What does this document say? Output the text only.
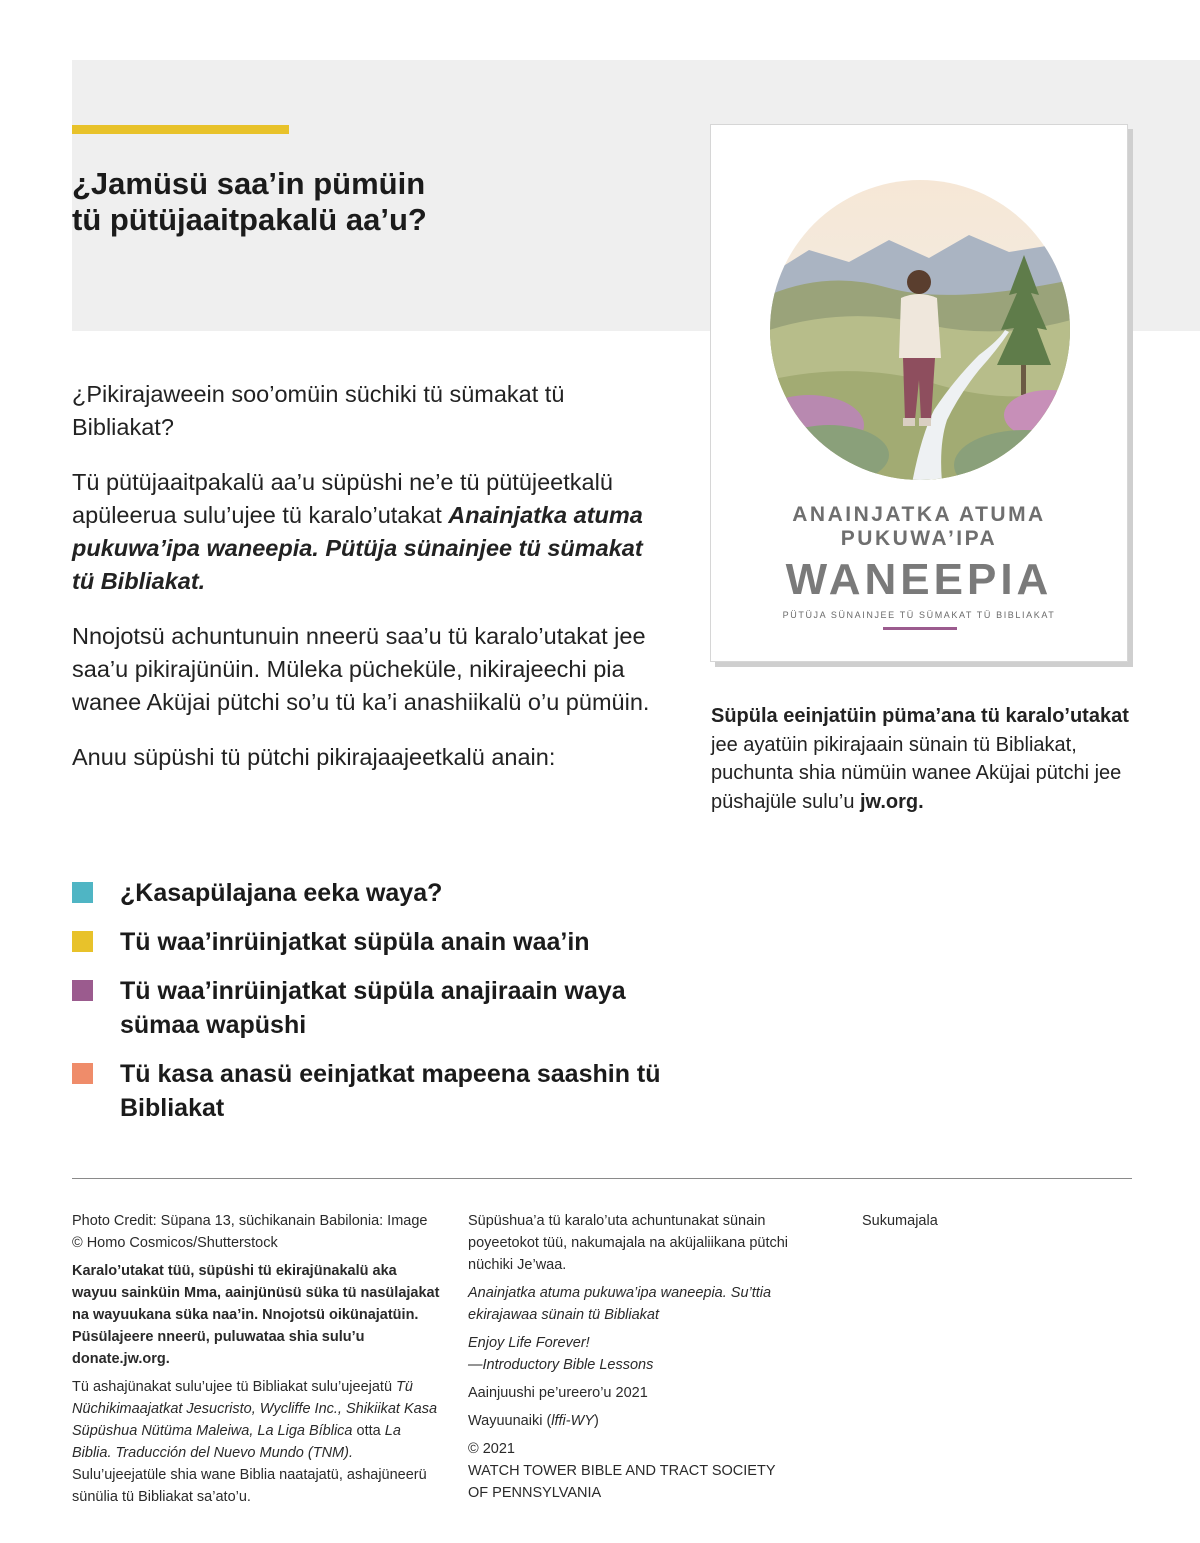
¿Jamüsü saa’in pümüin
tü pütüjaaitpakalü aa’u?

¿Pikirajaweein soo’omüin süchiki tü sümakat tü Bibliakat?

Tü pütüjaaitpakalü aa’u süpüshi ne’e tü pütüjeetkalü apüleerua sulu’ujee tü karalo’utakat Anainjatka atuma pukuwa’ipa waneepia. Pütüja sünainjee tü sümakat tü Bibliakat.

Nnojotsü achuntunuin nneerü saa’u tü karalo’utakat jee saa’u pikirajünüin. Müleka pücheküle, nikirajeechi pia wanee Aküjai pütchi so’u tü ka’i anashiikalü o’u pümüin.

Anuu süpüshi tü pütchi pikirajaajeetkalü anain:

¿Kasapülajana eeka waya?
Tü waa’inrüinjatkat süpüla anain waa’in
Tü waa’inrüinjatkat süpüla anajiraain waya sümaa wapüshi
Tü kasa anasü eeinjatkat mapeena saashin tü Bibliakat
ANAINJATKA ATUMA
PUKUWA’IPA
WANEEPIA
PÜTÜJA SÜNAINJEE TÜ SÜMAKAT TÜ BIBLIAKAT
Süpüla eeinjatüin püma’ana tü karalo’utakat jee ayatüin pikirajaain sünain tü Bibliakat, puchunta shia nümüin wanee Aküjai pütchi jee püshajüle sulu’u jw.org.

Photo Credit: Süpana 13, süchikanain Babilonia: Image © Homo Cosmicos/Shutterstock

Karalo’utakat tüü, süpüshi tü ekirajünakalü aka wayuu sainküin Mma, aainjünüsü süka tü nasülajakat na wayuukana süka naa’in. Nnojotsü oikünajatüin. Püsülajeere nneerü, puluwataa shia sulu’u donate.jw.org.

Tü ashajünakat sulu’ujee tü Bibliakat sulu’ujeejatü Tü Nüchikimaajatkat Jesucristo, Wycliffe Inc., Shikiikat Kasa Süpüshua Nütüma Maleiwa, La Liga Bíblica otta La Biblia. Traducción del Nuevo Mundo (TNM). Sulu’ujeejatüle shia wane Biblia naatajatü, ashajüneerü sünülia tü Bibliakat sa’ato’u.

Süpüshua’a tü karalo’uta achuntunakat sünain poyeetokot tüü, nakumajala na aküjaliikana pütchi nüchiki Je’waa.

Anainjatka atuma pukuwa’ipa waneepia. Su’ttia ekirajawaa sünain tü Bibliakat

Enjoy Life Forever!
—Introductory Bible Lessons

Aainjuushi pe’ureero’u 2021

Wayuunaiki (lffi-WY)

© 2021
WATCH TOWER BIBLE AND TRACT SOCIETY
OF PENNSYLVANIA

Sukumajala
